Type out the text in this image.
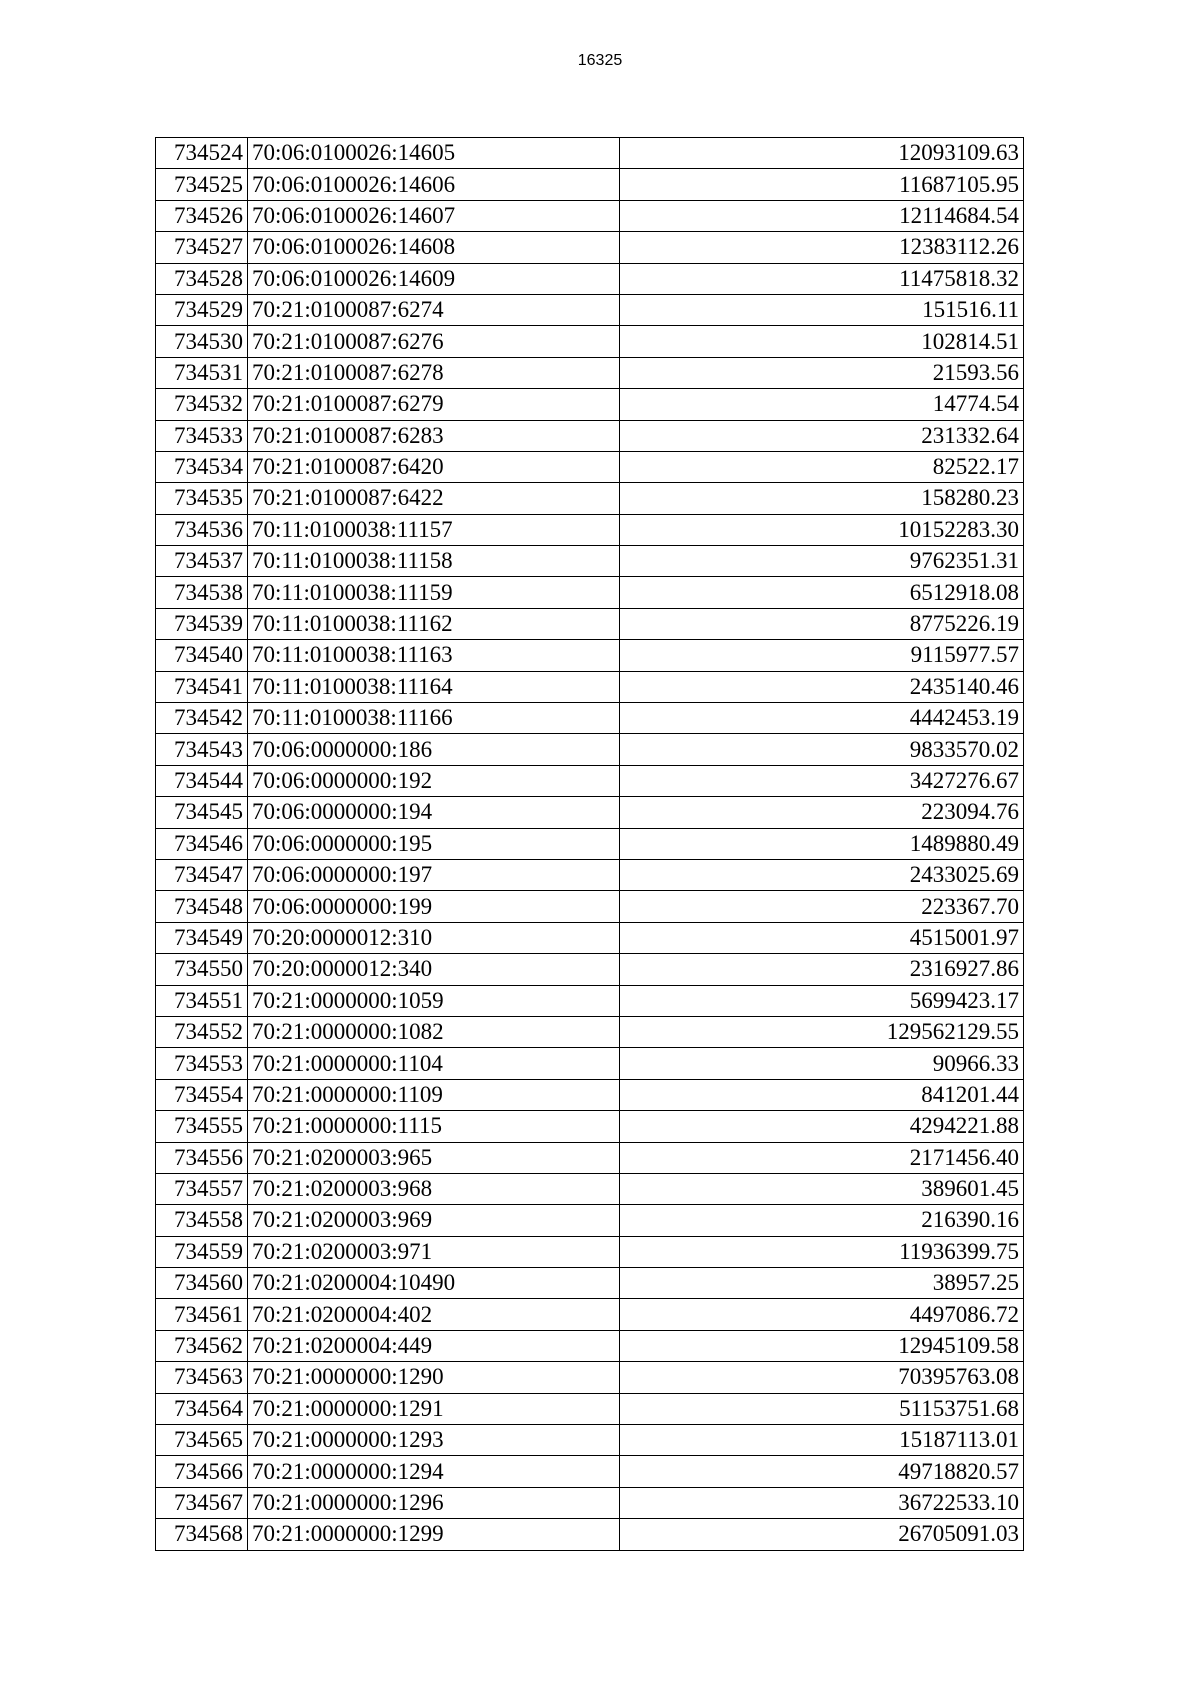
16325
734524	70:06:0100026:14605	12093109.63
734525	70:06:0100026:14606	11687105.95
734526	70:06:0100026:14607	12114684.54
734527	70:06:0100026:14608	12383112.26
734528	70:06:0100026:14609	11475818.32
734529	70:21:0100087:6274	151516.11
734530	70:21:0100087:6276	102814.51
734531	70:21:0100087:6278	21593.56
734532	70:21:0100087:6279	14774.54
734533	70:21:0100087:6283	231332.64
734534	70:21:0100087:6420	82522.17
734535	70:21:0100087:6422	158280.23
734536	70:11:0100038:11157	10152283.30
734537	70:11:0100038:11158	9762351.31
734538	70:11:0100038:11159	6512918.08
734539	70:11:0100038:11162	8775226.19
734540	70:11:0100038:11163	9115977.57
734541	70:11:0100038:11164	2435140.46
734542	70:11:0100038:11166	4442453.19
734543	70:06:0000000:186	9833570.02
734544	70:06:0000000:192	3427276.67
734545	70:06:0000000:194	223094.76
734546	70:06:0000000:195	1489880.49
734547	70:06:0000000:197	2433025.69
734548	70:06:0000000:199	223367.70
734549	70:20:0000012:310	4515001.97
734550	70:20:0000012:340	2316927.86
734551	70:21:0000000:1059	5699423.17
734552	70:21:0000000:1082	129562129.55
734553	70:21:0000000:1104	90966.33
734554	70:21:0000000:1109	841201.44
734555	70:21:0000000:1115	4294221.88
734556	70:21:0200003:965	2171456.40
734557	70:21:0200003:968	389601.45
734558	70:21:0200003:969	216390.16
734559	70:21:0200003:971	11936399.75
734560	70:21:0200004:10490	38957.25
734561	70:21:0200004:402	4497086.72
734562	70:21:0200004:449	12945109.58
734563	70:21:0000000:1290	70395763.08
734564	70:21:0000000:1291	51153751.68
734565	70:21:0000000:1293	15187113.01
734566	70:21:0000000:1294	49718820.57
734567	70:21:0000000:1296	36722533.10
734568	70:21:0000000:1299	26705091.03
